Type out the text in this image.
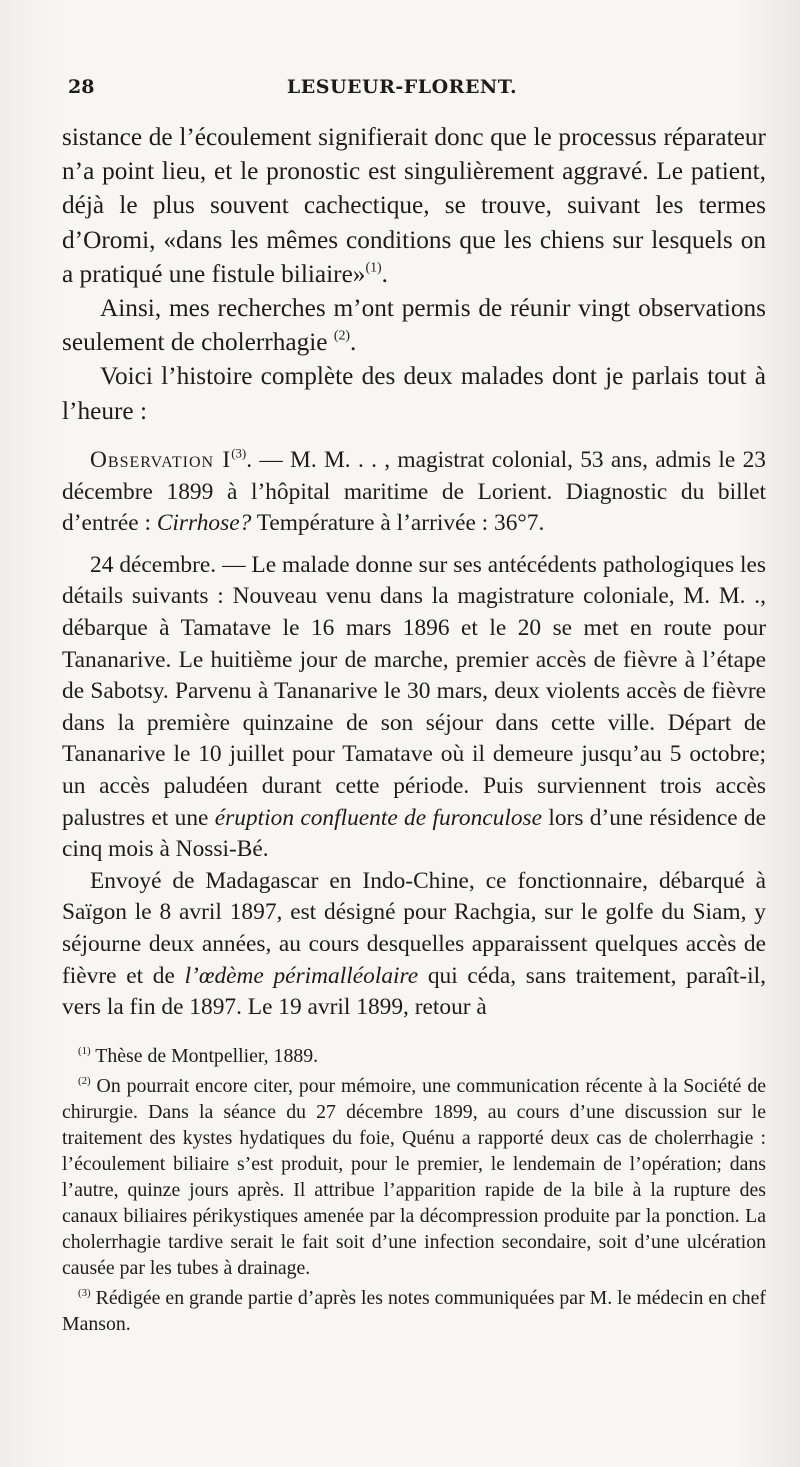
28	LESUEUR-FLORENT.

sistance de l’écoulement signifierait donc que le processus réparateur n’a point lieu, et le pronostic est singulièrement aggravé. Le patient, déjà le plus souvent cachectique, se trouve, suivant les termes d’Oromi, «dans les mêmes conditions que les chiens sur lesquels on a pratiqué une fistule biliaire»$^{(1)}$.

Ainsi, mes recherches m’ont permis de réunir vingt observations seulement de cholerrhagie $^{(2)}$.

Voici l’histoire complète des deux malades dont je parlais tout à l’heure :

Observation $I^{(3)}$. — M. M. . . , magistrat colonial, 53 ans, admis le 23 décembre 1899 à l’hôpital maritime de Lorient. Diagnostic du billet d’entrée : Cirrhose? Température à l’arrivée : 36°7.

24 décembre. — Le malade donne sur ses antécédents pathologiques les détails suivants : Nouveau venu dans la magistrature coloniale, M. M. ., débarque à Tamatave le 16 mars 1896 et le 20 se met en route pour Tananarive. Le huitième jour de marche, premier accès de fièvre à l’étape de Sabotsy. Parvenu à Tananarive le 30 mars, deux violents accès de fièvre dans la première quinzaine de son séjour dans cette ville. Départ de Tananarive le 10 juillet pour Tamatave où il demeure jusqu’au 5 octobre; un accès paludéen durant cette période. Puis surviennent trois accès palustres et une éruption confluente de furonculose lors d’une résidence de cinq mois à Nossi-Bé.

Envoyé de Madagascar en Indo-Chine, ce fonctionnaire, débarqué à Saïgon le 8 avril 1897, est désigné pour Rachgia, sur le golfe du Siam, y séjourne deux années, au cours desquelles apparaissent quelques accès de fièvre et de l’œdème périmalléolaire qui céda, sans traitement, paraît-il, vers la fin de 1897. Le 19 avril 1899, retour à

$^{(1)}$ Thèse de Montpellier, 1889.

$^{(2)}$ On pourrait encore citer, pour mémoire, une communication récente à la Société de chirurgie. Dans la séance du 27 décembre 1899, au cours d’une discussion sur le traitement des kystes hydatiques du foie, Quénu a rapporté deux cas de cholerrhagie : l’écoulement biliaire s’est produit, pour le premier, le lendemain de l’opération; dans l’autre, quinze jours après. Il attribue l’apparition rapide de la bile à la rupture des canaux biliaires périkystiques amenée par la décompression produite par la ponction. La cholerrhagie tardive serait le fait soit d’une infection secondaire, soit d’une ulcération causée par les tubes à drainage.

$^{(3)}$ Rédigée en grande partie d’après les notes communiquées par M. le médecin en chef Manson.
